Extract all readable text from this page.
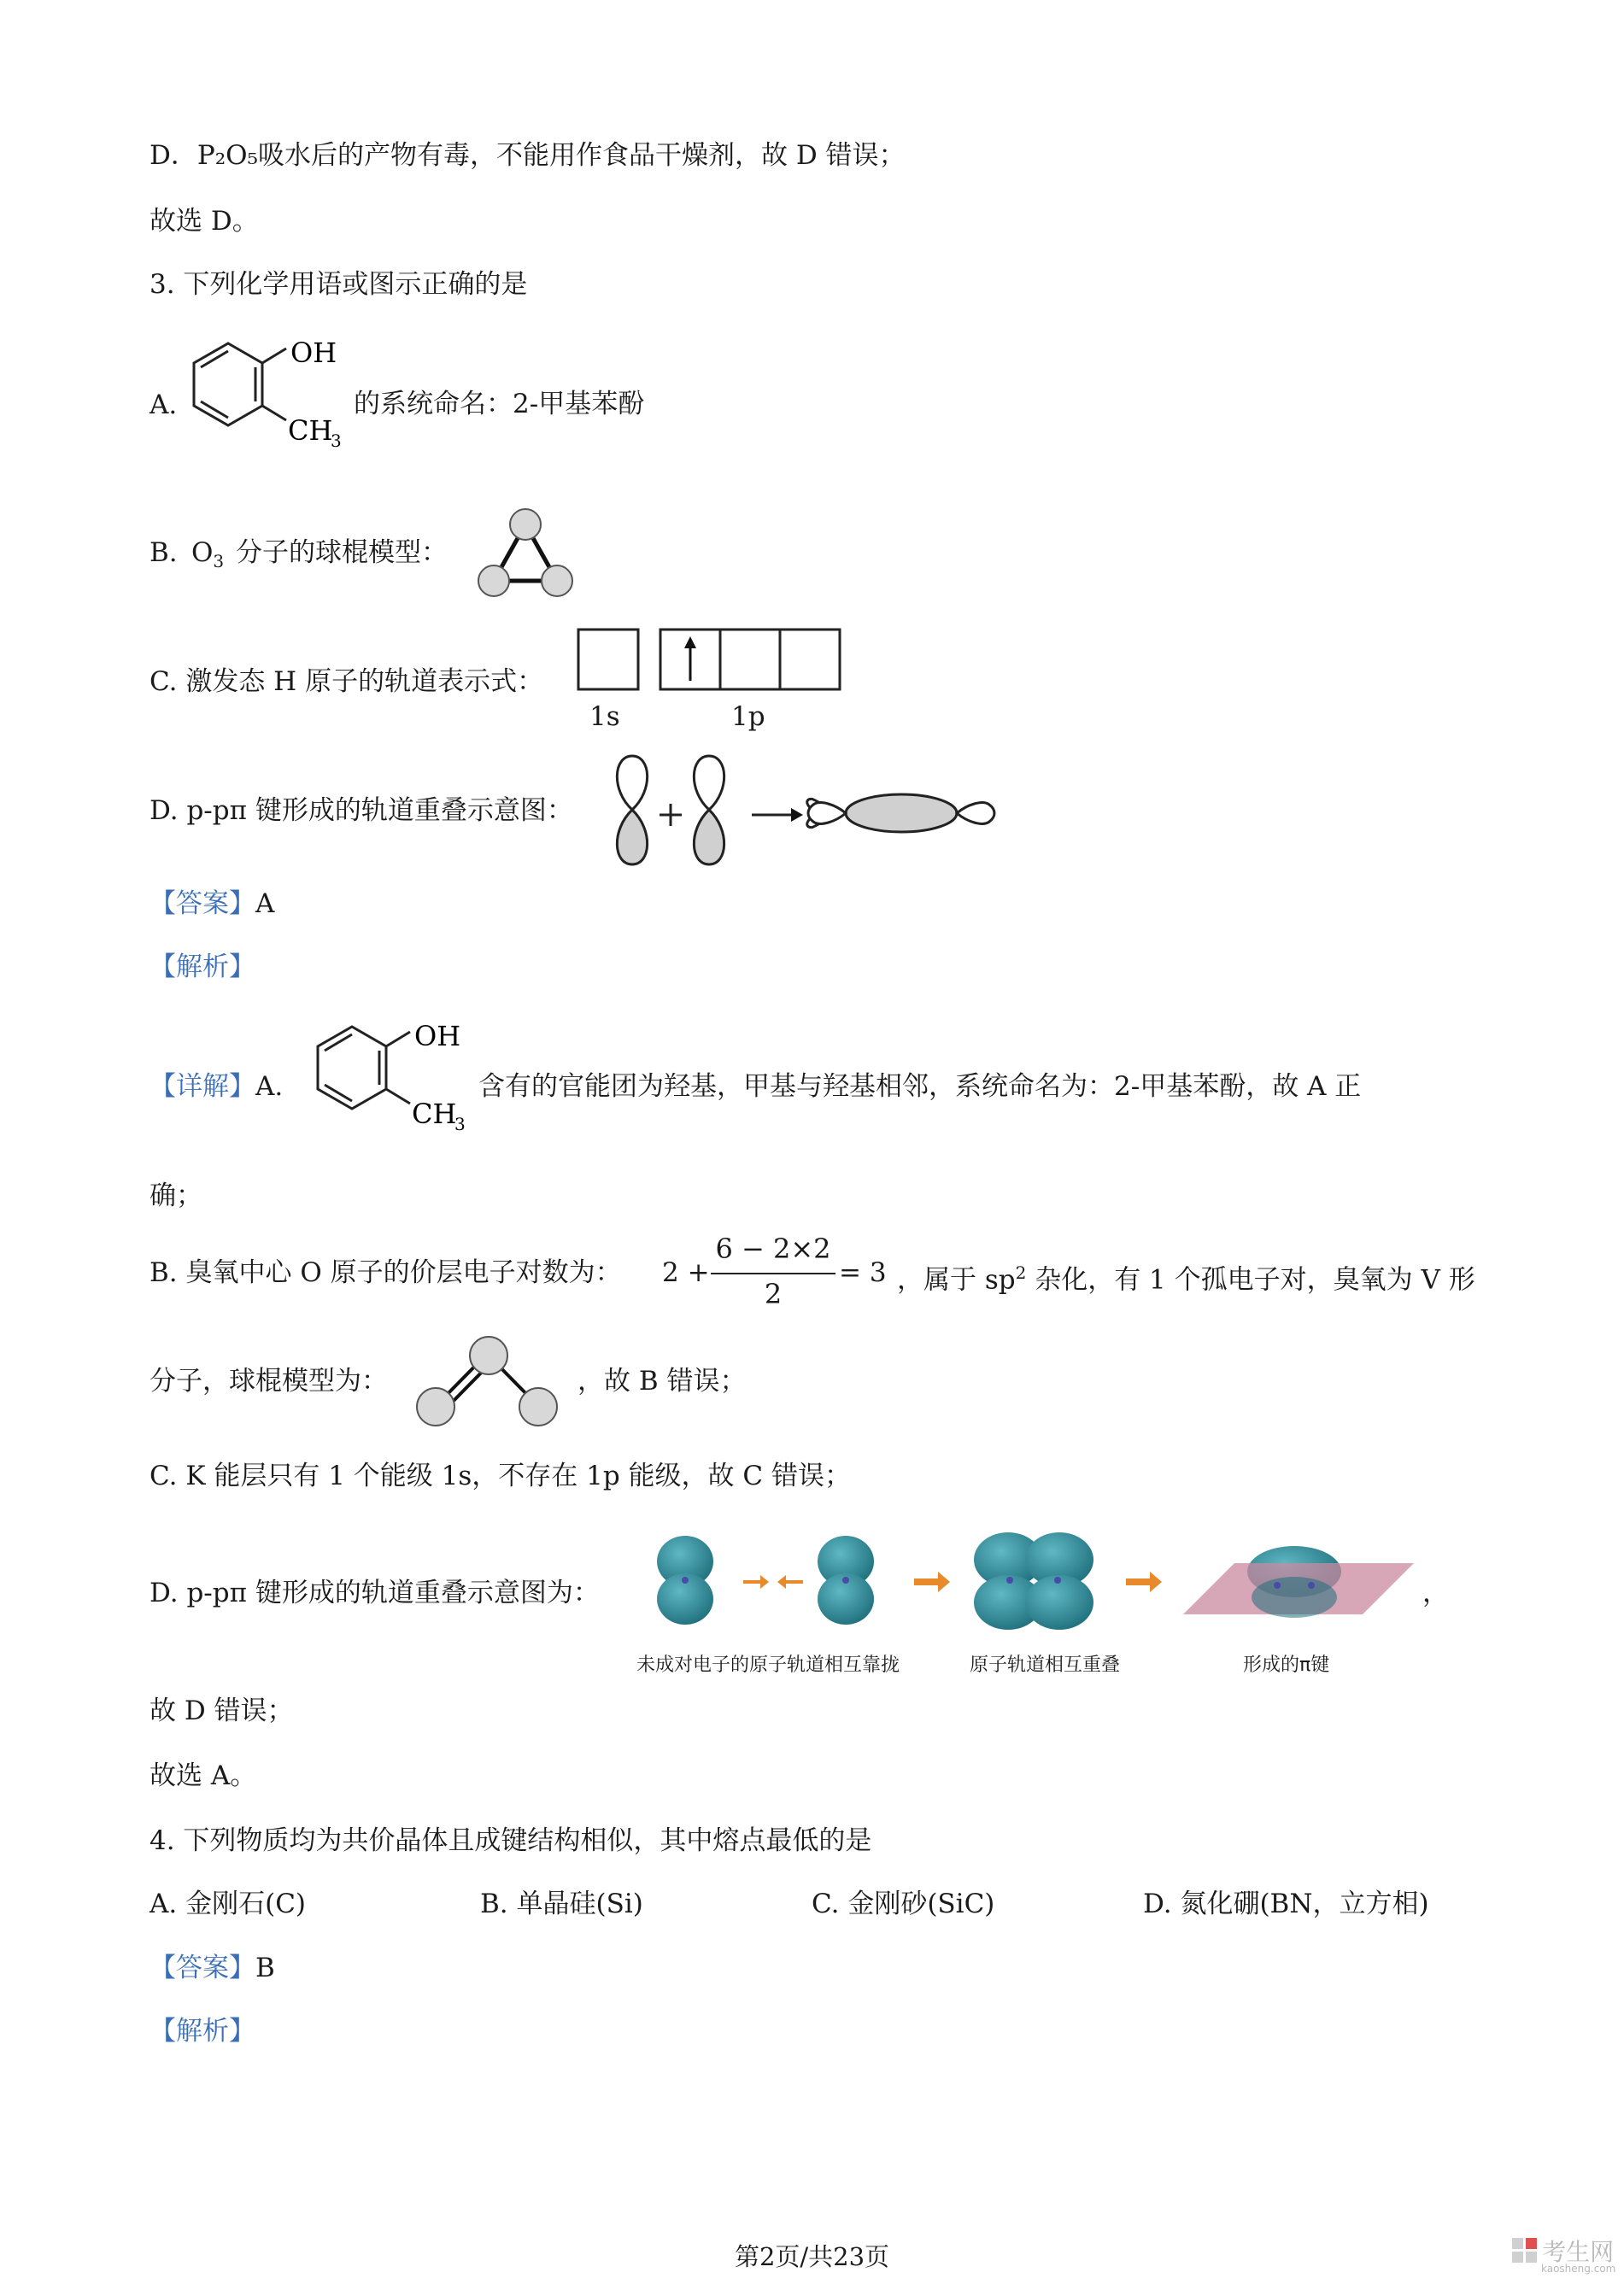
D．P₂O₅吸水后的产物有毒，不能用作食品干燥剂，故 D 错误；
故选 D。
3. 下列化学用语或图示正确的是
A.
OH
CH
3
的系统命名：2-甲基苯酚
B. $O_3$ 分子的球棍模型：
C. 激发态 H 原子的轨道表示式：
1s	1p
D. p-pπ 键形成的轨道重叠示意图：
【答案】A
【解析】
【详解】A.
OH
CH
3
含有的官能团为羟基，甲基与羟基相邻，系统命名为：2-甲基苯酚，故 A 正
确；
B. 臭氧中心 O 原子的价层电子对数为： 2 +
6 − 2×2
2
= 3 ，属于 $sp^2$ 杂化，有 1 个孤电子对，臭氧为 V 形
分子，球棍模型为：	，故 B 错误；
C. K 能层只有 1 个能级 1s，不存在 1p 能级，故 C 错误；
D. p-pπ 键形成的轨道重叠示意图为：
未成对电子的原子轨道相互靠拢	原子轨道相互重叠	形成的π键
，
故 D 错误；
故选 A。
4. 下列物质均为共价晶体且成键结构相似，其中熔点最低的是
A. 金刚石(C)	B. 单晶硅(Si)	C. 金刚砂(SiC)	D. 氮化硼(BN，立方相)
【答案】B
【解析】
第2页/共23页	考生网
kaosheng.com
